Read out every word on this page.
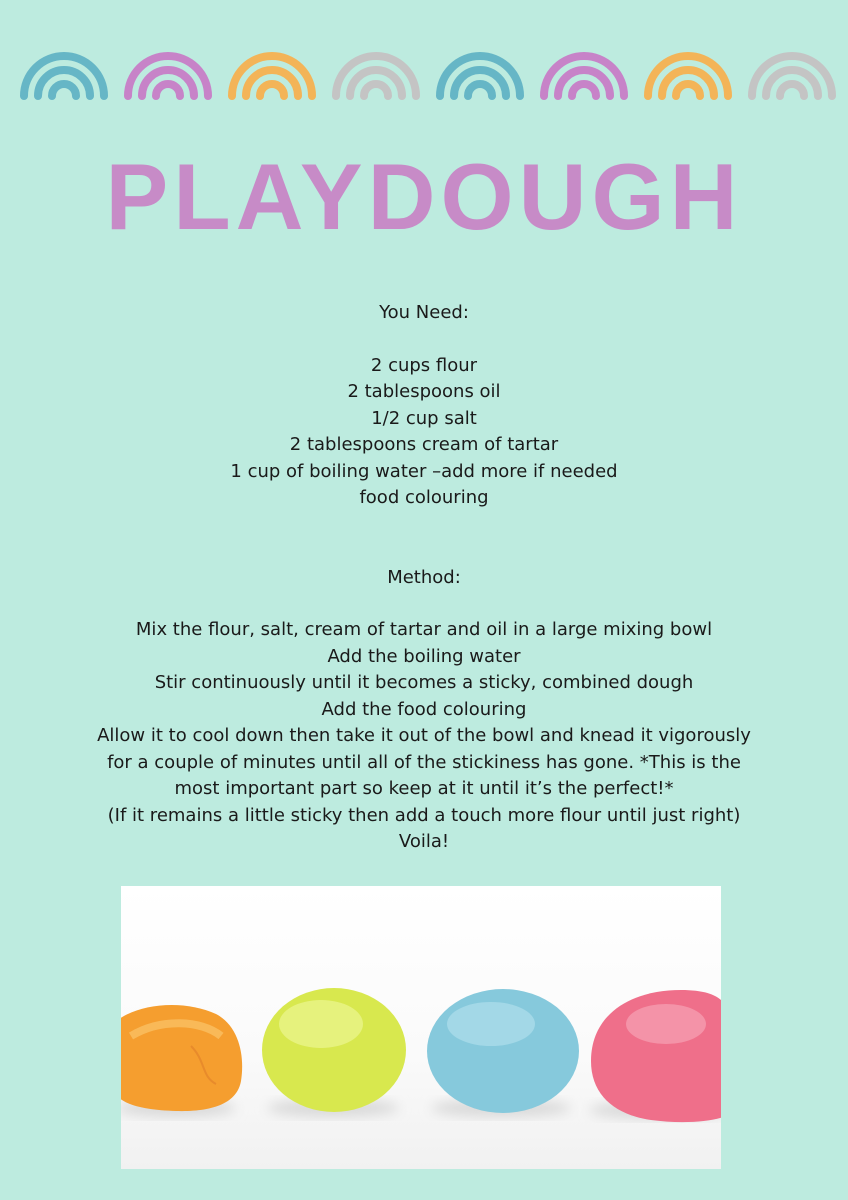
PLAYDOUGH

You Need:

2 cups flour

2 tablespoons oil

1/2 cup salt

2 tablespoons cream of tartar

1 cup of boiling water –add more if needed

food colouring

Method:

Mix the flour, salt, cream of tartar and oil in a large mixing bowl

Add the boiling water

Stir continuously until it becomes a sticky, combined dough

Add the food colouring

Allow it to cool down then take it out of the bowl and knead it vigorously

for a couple of minutes until all of the stickiness has gone. *This is the

most important part so keep at it until it’s the perfect!*

(If it remains a little sticky then add a touch more flour until just right)

Voila!
